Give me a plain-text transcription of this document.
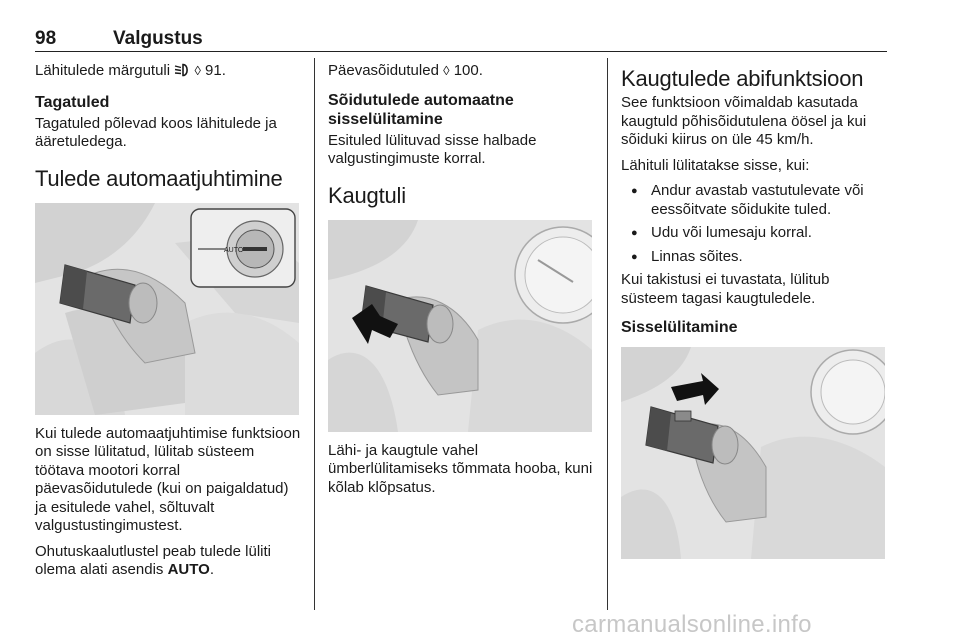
98	Valgustus

Lähitulede märgutuli ◊ 91.

Tagatuled

Tagatuled põlevad koos lähitulede ja ääretuledega.

Tulede automaatjuhtimine
AUTO

Kui tulede automaatjuhtimise funktsioon on sisse lülitatud, lülitab süsteem töötava mootori korral päevasõidutulede (kui on paigaldatud) ja esitulede vahel, sõltuvalt valgustustingimustest.

Ohutuskaalutlustel peab tulede lüliti olema alati asendis AUTO.

Päevasõidutuled ◊ 100.

Sõidutulede automaatne sisselülitamine

Esituled lülituvad sisse halbade valgustingimuste korral.

Kaugtuli

Lähi- ja kaugtule vahel ümberlülitamiseks tõmmata hooba, kuni kõlab klõpsatus.

Kaugtulede abifunktsioon

See funktsioon võimaldab kasutada kaugtuld põhisõidutulena öösel ja kui sõiduki kiirus on üle 45 km/h.

Lähituli lülitatakse sisse, kui:

● Andur avastab vastutulevate või eessõitvate sõidukite tuled.
● Udu või lumesaju korral.
● Linnas sõites.

Kui takistusi ei tuvastata, lülitub süsteem tagasi kaugtuledele.

Sisselülitamine
carmanualsonline.info
